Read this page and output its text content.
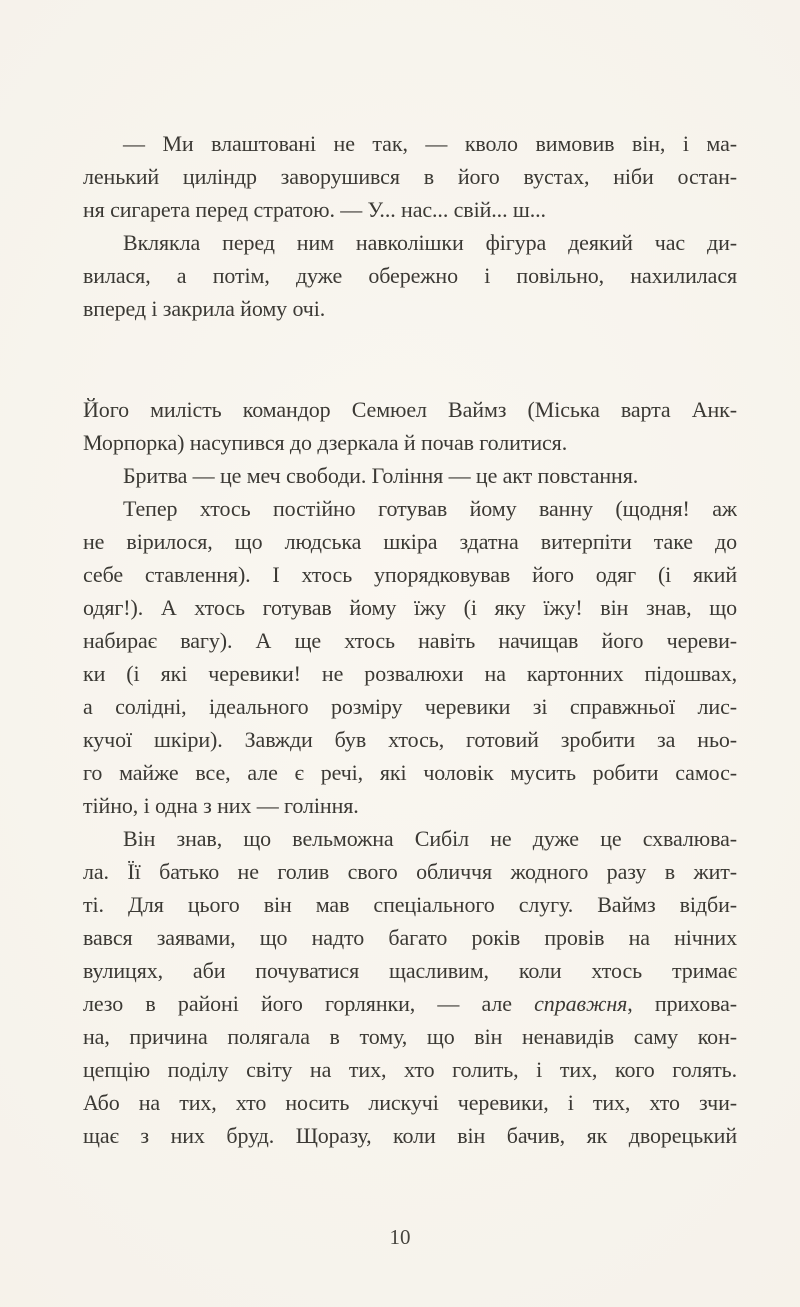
— Ми влаштовані не так, — кволо вимовив він, і ма-
ленький циліндр заворушився в його вустах, ніби остан-
ня сигарета перед стратою. — У... нас... свій... ш...
Вклякла перед ним навколішки фігура деякий час ди-
вилася, а потім, дуже обережно і повільно, нахилилася
вперед і закрила йому очі.
Його милість командор Семюел Ваймз (Міська варта Анк-
Морпорка) насупився до дзеркала й почав голитися.
Бритва — це меч свободи. Гоління — це акт повстання.
Тепер хтось постійно готував йому ванну (щодня! аж
не вірилося, що людська шкіра здатна витерпіти таке до
себе ставлення). І хтось упорядковував його одяг (і який
одяг!). А хтось готував йому їжу (і яку їжу! він знав, що
набирає вагу). А ще хтось навіть начищав його череви-
ки (і які черевики! не розвалюхи на картонних підошвах,
а солідні, ідеального розміру черевики зі справжньої лис-
кучої шкіри). Завжди був хтось, готовий зробити за ньо-
го майже все, але є речі, які чоловік мусить робити самос-
тійно, і одна з них — гоління.
Він знав, що вельможна Сибіл не дуже це схвалюва-
ла. Її батько не голив свого обличчя жодного разу в жит-
ті. Для цього він мав спеціального слугу. Ваймз відби-
вався заявами, що надто багато років провів на нічних
вулицях, аби почуватися щасливим, коли хтось тримає
лезо в районі його горлянки, — але справжня, прихова-
на, причина полягала в тому, що він ненавидів саму кон-
цепцію поділу світу на тих, хто голить, і тих, кого голять.
Або на тих, хто носить лискучі черевики, і тих, хто зчи-
щає з них бруд. Щоразу, коли він бачив, як дворецький
10
